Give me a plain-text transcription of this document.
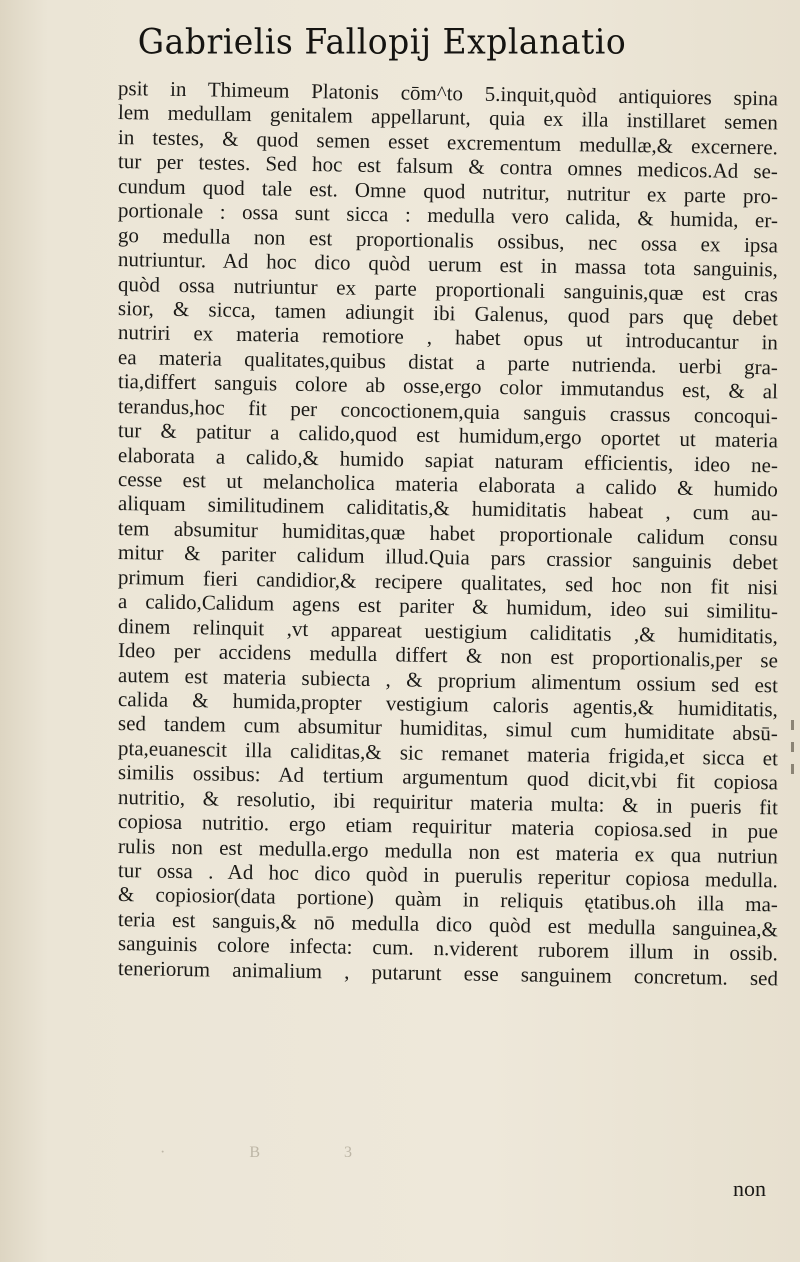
Gabrielis Fallopij Explanatio
psit in Thimeum Platonis cōm^to 5.inquit,quòd antiquiores spina
lem medullam genitalem appellarunt, quia ex illa instillaret semen
in testes, & quod semen esset excrementum medullæ,& excernere.
tur per testes. Sed hoc est falsum & contra omnes medicos.Ad se-
cundum quod tale est. Omne quod nutritur, nutritur ex parte pro-
portionale : ossa sunt sicca : medulla vero calida, & humida, er-
go medulla non est proportionalis ossibus, nec ossa ex ipsa
nutriuntur. Ad hoc dico quòd uerum est in massa tota sanguinis,
quòd ossa nutriuntur ex parte proportionali sanguinis,quæ est cras
sior, & sicca, tamen adiungit ibi Galenus, quod pars quę debet
nutriri ex materia remotiore , habet opus ut introducantur in
ea materia qualitates,quibus distat a parte nutrienda. uerbi gra-
tia,differt sanguis colore ab osse,ergo color immutandus est, & al
terandus,hoc fit per concoctionem,quia sanguis crassus concoqui-
tur & patitur a calido,quod est humidum,ergo oportet ut materia
elaborata a calido,& humido sapiat naturam efficientis, ideo ne-
cesse est ut melancholica materia elaborata a calido & humido
aliquam similitudinem caliditatis,& humiditatis habeat , cum au-
tem absumitur humiditas,quæ habet proportionale calidum consu
mitur & pariter calidum illud.Quia pars crassior sanguinis debet
primum fieri candidior,& recipere qualitates, sed hoc non fit nisi
a calido,Calidum agens est pariter & humidum, ideo sui similitu-
dinem relinquit ,vt appareat uestigium caliditatis ,& humiditatis,
Ideo per accidens medulla differt & non est proportionalis,per se
autem est materia subiecta , & proprium alimentum ossium sed est
calida & humida,propter vestigium caloris agentis,& humiditatis,
sed tandem cum absumitur humiditas, simul cum humiditate absū-
pta,euanescit illa caliditas,& sic remanet materia frigida,et sicca et
similis ossibus: Ad tertium argumentum quod dicit,vbi fit copiosa
nutritio, & resolutio, ibi requiritur materia multa: & in pueris fit
copiosa nutritio. ergo etiam requiritur materia copiosa.sed in pue
rulis non est medulla.ergo medulla non est materia ex qua nutriun
tur ossa . Ad hoc dico quòd in puerulis reperitur copiosa medulla.
& copiosior(data portione) quàm in reliquis ętatibus.oh illa ma-
teria est sanguis,& nō medulla dico quòd est medulla sanguinea,&
sanguinis colore infecta: cum. n.viderent ruborem illum in ossib.
teneriorum animalium , putarunt esse sanguinem concretum. sed
· B 3
non
